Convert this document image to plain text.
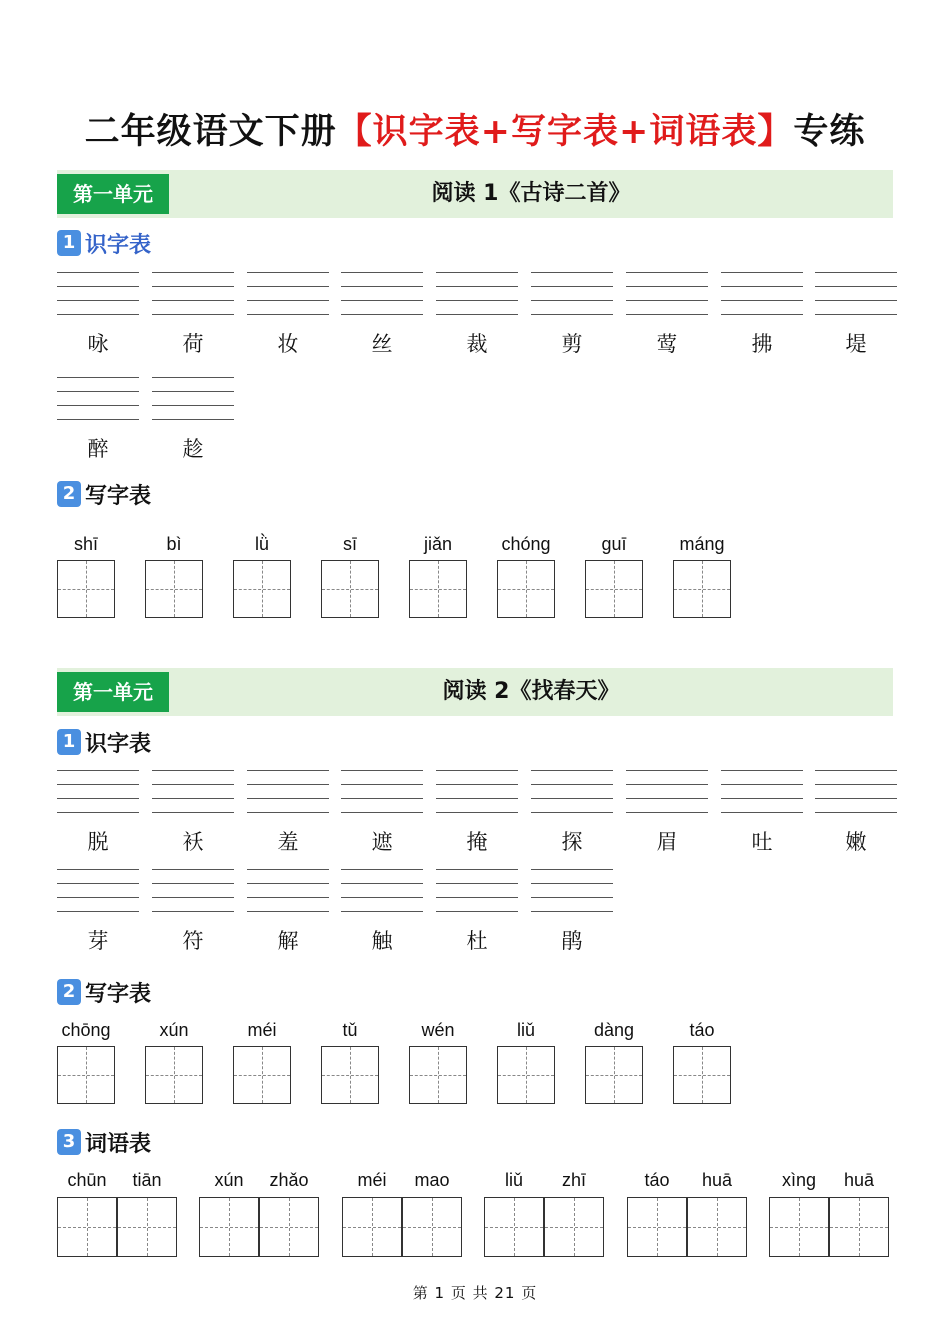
二年级语文下册【识字表+写字表+词语表】专练
第一单元	阅读 1《古诗二首》
1 识字表
咏	荷	妆	丝	裁	剪	莺	拂	堤
醉	趁
2 写字表
shī	bì	lǜ	sī	jiǎn	chóng	guī	máng
第一单元	阅读 2《找春天》
1 识字表
脱	袄	羞	遮	掩	探	眉	吐	嫩
芽	符	解	触	杜	鹃
2 写字表
chōng	xún	méi	tǔ	wén	liǔ	dàng	táo
3 词语表
chūn	tiān	xún	zhǎo	méi	mao	liǔ	zhī	táo	huā	xìng	huā
第 1 页 共 21 页
